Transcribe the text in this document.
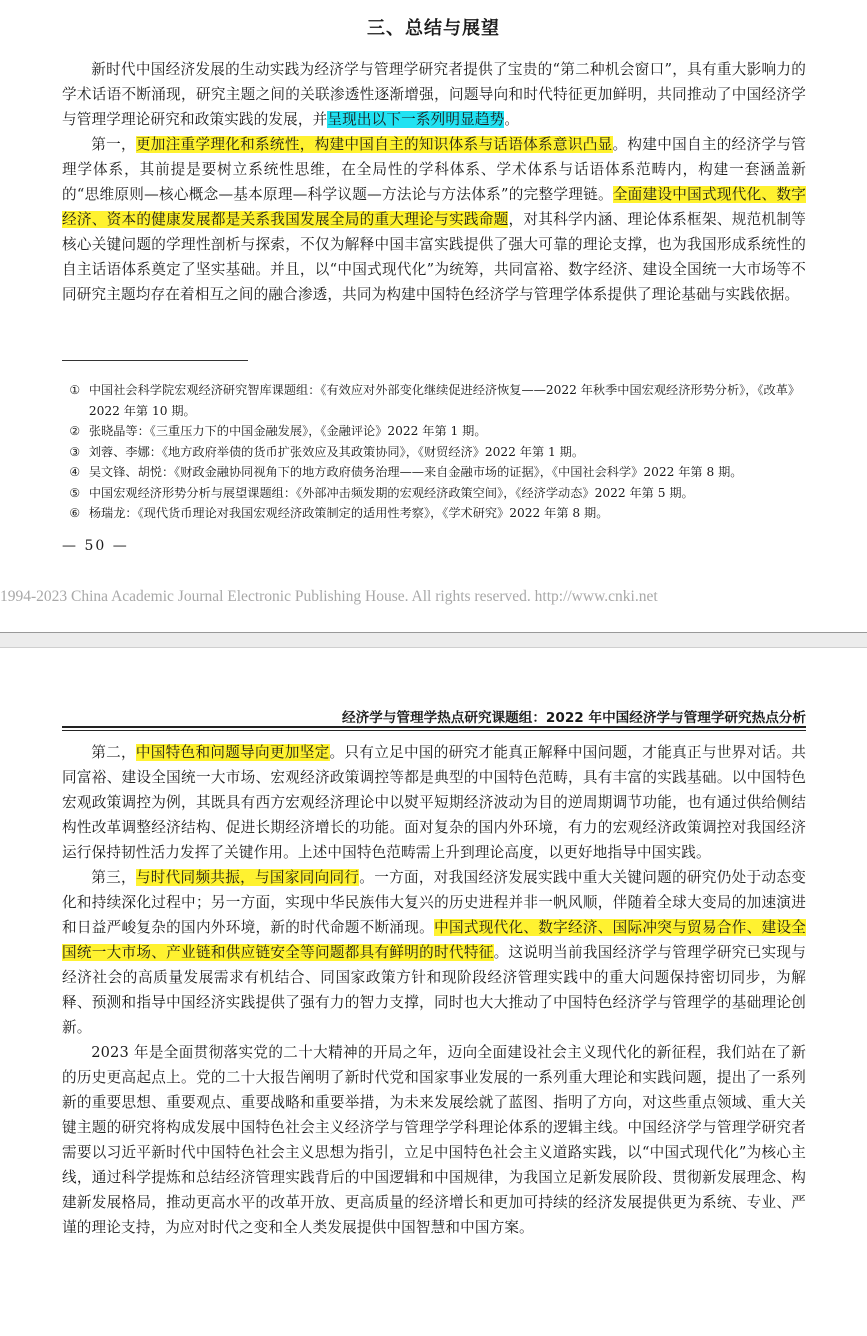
三、总结与展望

新时代中国经济发展的生动实践为经济学与管理学研究者提供了宝贵的“第二种机会窗口”，具有重大影响力的学术话语不断涌现，研究主题之间的关联渗透性逐渐增强，问题导向和时代特征更加鲜明，共同推动了中国经济学与管理学理论研究和政策实践的发展，并呈现出以下一系列明显趋势。

第一，更加注重学理化和系统性，构建中国自主的知识体系与话语体系意识凸显。构建中国自主的经济学与管理学体系，其前提是要树立系统性思维，在全局性的学科体系、学术体系与话语体系范畴内，构建一套涵盖新的“思维原则—核心概念—基本原理—科学议题—方法论与方法体系”的完整学理链。全面建设中国式现代化、数字经济、资本的健康发展都是关系我国发展全局的重大理论与实践命题，对其科学内涵、理论体系框架、规范机制等核心关键问题的学理性剖析与探索，不仅为解释中国丰富实践提供了强大可靠的理论支撑，也为我国形成系统性的自主话语体系奠定了坚实基础。并且，以“中国式现代化”为统筹，共同富裕、数字经济、建设全国统一大市场等不同研究主题均存在着相互之间的融合渗透，共同为构建中国特色经济学与管理学体系提供了理论基础与实践依据。

① 中国社会科学院宏观经济研究智库课题组：《有效应对外部变化继续促进经济恢复——2022 年秋季中国宏观经济形势分析》，《改革》2022 年第 10 期。

② 张晓晶等：《三重压力下的中国金融发展》，《金融评论》2022 年第 1 期。

③ 刘蓉、李娜：《地方政府举债的货币扩张效应及其政策协同》，《财贸经济》2022 年第 1 期。

④ 吴文锋、胡悦：《财政金融协同视角下的地方政府债务治理——来自金融市场的证据》，《中国社会科学》2022 年第 8 期。

⑤ 中国宏观经济形势分析与展望课题组：《外部冲击频发期的宏观经济政策空间》，《经济学动态》2022 年第 5 期。

⑥ 杨瑞龙：《现代货币理论对我国宏观经济政策制定的适用性考察》，《学术研究》2022 年第 8 期。

— 50 —
1994-2023 China Academic Journal Electronic Publishing House. All rights reserved. http://www.cnki.net
经济学与管理学热点研究课题组：2022 年中国经济学与管理学研究热点分析

第二，中国特色和问题导向更加坚定。只有立足中国的研究才能真正解释中国问题，才能真正与世界对话。共同富裕、建设全国统一大市场、宏观经济政策调控等都是典型的中国特色范畴，具有丰富的实践基础。以中国特色宏观政策调控为例，其既具有西方宏观经济理论中以熨平短期经济波动为目的逆周期调节功能，也有通过供给侧结构性改革调整经济结构、促进长期经济增长的功能。面对复杂的国内外环境，有力的宏观经济政策调控对我国经济运行保持韧性活力发挥了关键作用。上述中国特色范畴需上升到理论高度，以更好地指导中国实践。

第三，与时代同频共振，与国家同向同行。一方面，对我国经济发展实践中重大关键问题的研究仍处于动态变化和持续深化过程中；另一方面，实现中华民族伟大复兴的历史进程并非一帆风顺，伴随着全球大变局的加速演进和日益严峻复杂的国内外环境，新的时代命题不断涌现。中国式现代化、数字经济、国际冲突与贸易合作、建设全国统一大市场、产业链和供应链安全等问题都具有鲜明的时代特征。这说明当前我国经济学与管理学研究已实现与经济社会的高质量发展需求有机结合、同国家政策方针和现阶段经济管理实践中的重大问题保持密切同步，为解释、预测和指导中国经济实践提供了强有力的智力支撑，同时也大大推动了中国特色经济学与管理学的基础理论创新。

2023 年是全面贯彻落实党的二十大精神的开局之年，迈向全面建设社会主义现代化的新征程，我们站在了新的历史更高起点上。党的二十大报告阐明了新时代党和国家事业发展的一系列重大理论和实践问题，提出了一系列新的重要思想、重要观点、重要战略和重要举措，为未来发展绘就了蓝图、指明了方向，对这些重点领域、重大关键主题的研究将构成发展中国特色社会主义经济学与管理学学科理论体系的逻辑主线。中国经济学与管理学研究者需要以习近平新时代中国特色社会主义思想为指引，立足中国特色社会主义道路实践，以“中国式现代化”为核心主线，通过科学提炼和总结经济管理实践背后的中国逻辑和中国规律，为我国立足新发展阶段、贯彻新发展理念、构建新发展格局，推动更高水平的改革开放、更高质量的经济增长和更加可持续的经济发展提供更为系统、专业、严谨的理论支持，为应对时代之变和全人类发展提供中国智慧和中国方案。
